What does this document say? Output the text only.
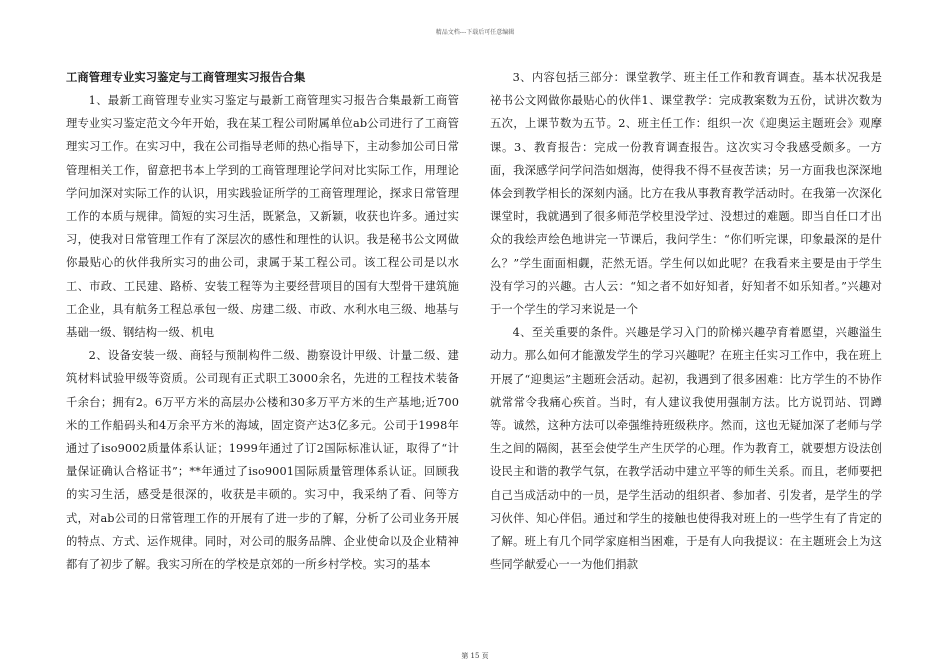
精品文档---下载后可任意编辑

工商管理专业实习鉴定与工商管理实习报告合集

1、最新工商管理专业实习鉴定与最新工商管理实习报告合集最新工商管理专业实习鉴定范文今年开始，我在某工程公司附属单位ab公司进行了工商管理实习工作。在实习中，我在公司指导老师的热心指导下，主动参加公司日常管理相关工作，留意把书本上学到的工商管理理论学问对比实际工作，用理论学问加深对实际工作的认识，用实践验证所学的工商管理理论，探求日常管理工作的本质与规律。简短的实习生活，既紧急，又新颖，收获也许多。通过实习，使我对日常管理工作有了深层次的感性和理性的认识。我是秘书公文网做你最贴心的伙伴我所实习的曲公司，隶属于某工程公司。该工程公司是以水工、市政、工民建、路桥、安装工程等为主要经营项目的国有大型骨干建筑施工企业，具有航务工程总承包一级、房建二级、市政、水利水电三级、地基与基础一级、钢结构一级、机电

2、设备安装一级、商轻与预制构件二级、勘察设计甲级、计量二级、建筑材料试验甲级等资质。公司现有正式职工3000余名，先进的工程技术装备千余台；拥有2。6万平方米的高层办公楼和30多万平方米的生产基地;近700米的工作船码头和4万余平方米的海域，固定资产达3亿多元。公司于1998年通过了iso9002质量体系认证；1999年通过了订2国际标准认证，取得了“计量保证确认合格证书”；**年通过了iso9001国际质量管理体系认证。回顾我的实习生活，感受是很深的，收获是丰硕的。实习中，我采纳了看、问等方式，对ab公司的日常管理工作的开展有了进一步的了解，分析了公司业务开展的特点、方式、运作规律。同时，对公司的服务品牌、企业使命以及企业精神都有了初步了解。我实习所在的学校是京郊的一所乡村学校。实习的基本

3、内容包括三部分：课堂教学、班主任工作和教育调查。基本状况我是祕书公文网做你最贴心的伙伴1、课堂教学：完成教案数为五份，试讲次数为五次，上课节数为五节。2、班主任工作：组织一次《迎奥运主题班会》观摩课。3、教育报告：完成一份教育调查报告。这次实习令我感受颇多。一方面，我深感学问学问浩如烟海，使得我不得不昼夜苦读；另一方面我也深深地体会到教学相长的深刻内涵。比方在我从事教育教学活动时。在我第一次深化课堂时，我就遇到了很多师范学校里没学过、没想过的难题。即当自任口才出众的我绘声绘色地讲完一节课后，我问学生：“你们听完课，印象最深的是什么？”学生面面相觑，茫然无语。学生何以如此呢？在我看来主要是由于学生没有学习的兴趣。古人云：“知之者不如好知者，好知者不如乐知者。”兴趣对于一个学生的学习来说是一个

4、至关重要的条件。兴趣是学习入门的阶梯兴趣孕育着愿望，兴趣溢生动力。那么如何才能激发学生的学习兴趣呢？在班主任实习工作中，我在班上开展了“迎奥运”主题班会活动。起初，我遇到了很多困难：比方学生的不协作就常常令我痛心疾首。当时，有人建议我使用强制方法。比方说罚站、罚蹲等。诚然，这种方法可以牵强维持班级秩序。然而，这也无疑加深了老师与学生之间的隔阂，甚至会使学生产生厌学的心理。作为教育工，就要想方设法创设民主和谐的教学气氛，在教学活动中建立平等的师生关系。而且，老师要把自己当成活动中的一员，是学生活动的组织者、参加者、引发者，是学生的学习伙伴、知心伴侣。通过和学生的接触也使得我对班上的一些学生有了肯定的了解。班上有几个同学家庭相当困难，于是有人向我提议：在主题班会上为这些同学献爱心一一为他们捐款

第 15 页
